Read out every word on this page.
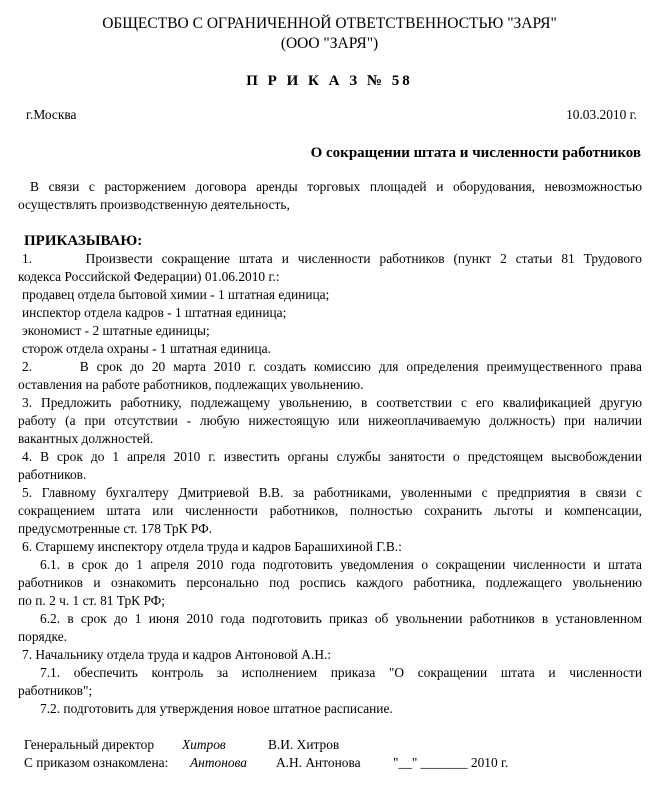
ОБЩЕСТВО С ОГРАНИЧЕННОЙ ОТВЕТСТВЕННОСТЬЮ "ЗАРЯ"
(ООО "ЗАРЯ")
П Р И К А З № 58
г.Москва	10.03.2010 г.
О сокращении штата и численности работников
В связи с расторжением договора аренды торговых площадей и оборудования, невозможностью
осуществлять производственную деятельность,
ПРИКАЗЫВАЮ:
1.      Произвести сокращение штата и численности работников (пункт 2 статьи 81 Трудового
кодекса Российской Федерации) 01.06.2010 г.:
продавец отдела бытовой химии - 1 штатная единица;
инспектор отдела кадров - 1 штатная единица;
экономист - 2 штатные единицы;
сторож отдела охраны - 1 штатная единица.
2.      В срок до 20 марта 2010 г. создать комиссию для определения преимущественного права
оставления на работе работников, подлежащих увольнению.
3. Предложить работнику, подлежащему увольнению, в соответствии с его квалификацией другую
работу (а при отсутствии - любую нижестоящую или нижеоплачиваемую должность) при наличии
вакантных должностей.
4. В срок до 1 апреля 2010 г. известить органы службы занятости о предстоящем высвобождении
работников.
5. Главному бухгалтеру Дмитриевой В.В. за работниками, уволенными с предприятия в связи с
сокращением штата или численности работников, полностью сохранить льготы и компенсации,
предусмотренные ст. 178 ТрК РФ.
6. Старшему инспектору отдела труда и кадров Барашихиной Г.В.:
6.1. в срок до 1 апреля 2010 года подготовить уведомления о сокращении численности и штата
работников и ознакомить персонально под роспись каждого работника, подлежащего увольнению
по п. 2 ч. 1 ст. 81 ТрК РФ;
6.2. в срок до 1 июня 2010 года подготовить приказ об увольнении работников в установленном
порядке.
7. Начальнику отдела труда и кадров Антоновой А.Н.:
7.1. обеспечить контроль за исполнением приказа "О сокращении штата и численности
работников";
7.2. подготовить для утверждения новое штатное расписание.
Генеральный директор Хитров	В.И. Хитров
С приказом ознакомлена: Антонова А.Н. Антонова "__" _______ 2010 г.
